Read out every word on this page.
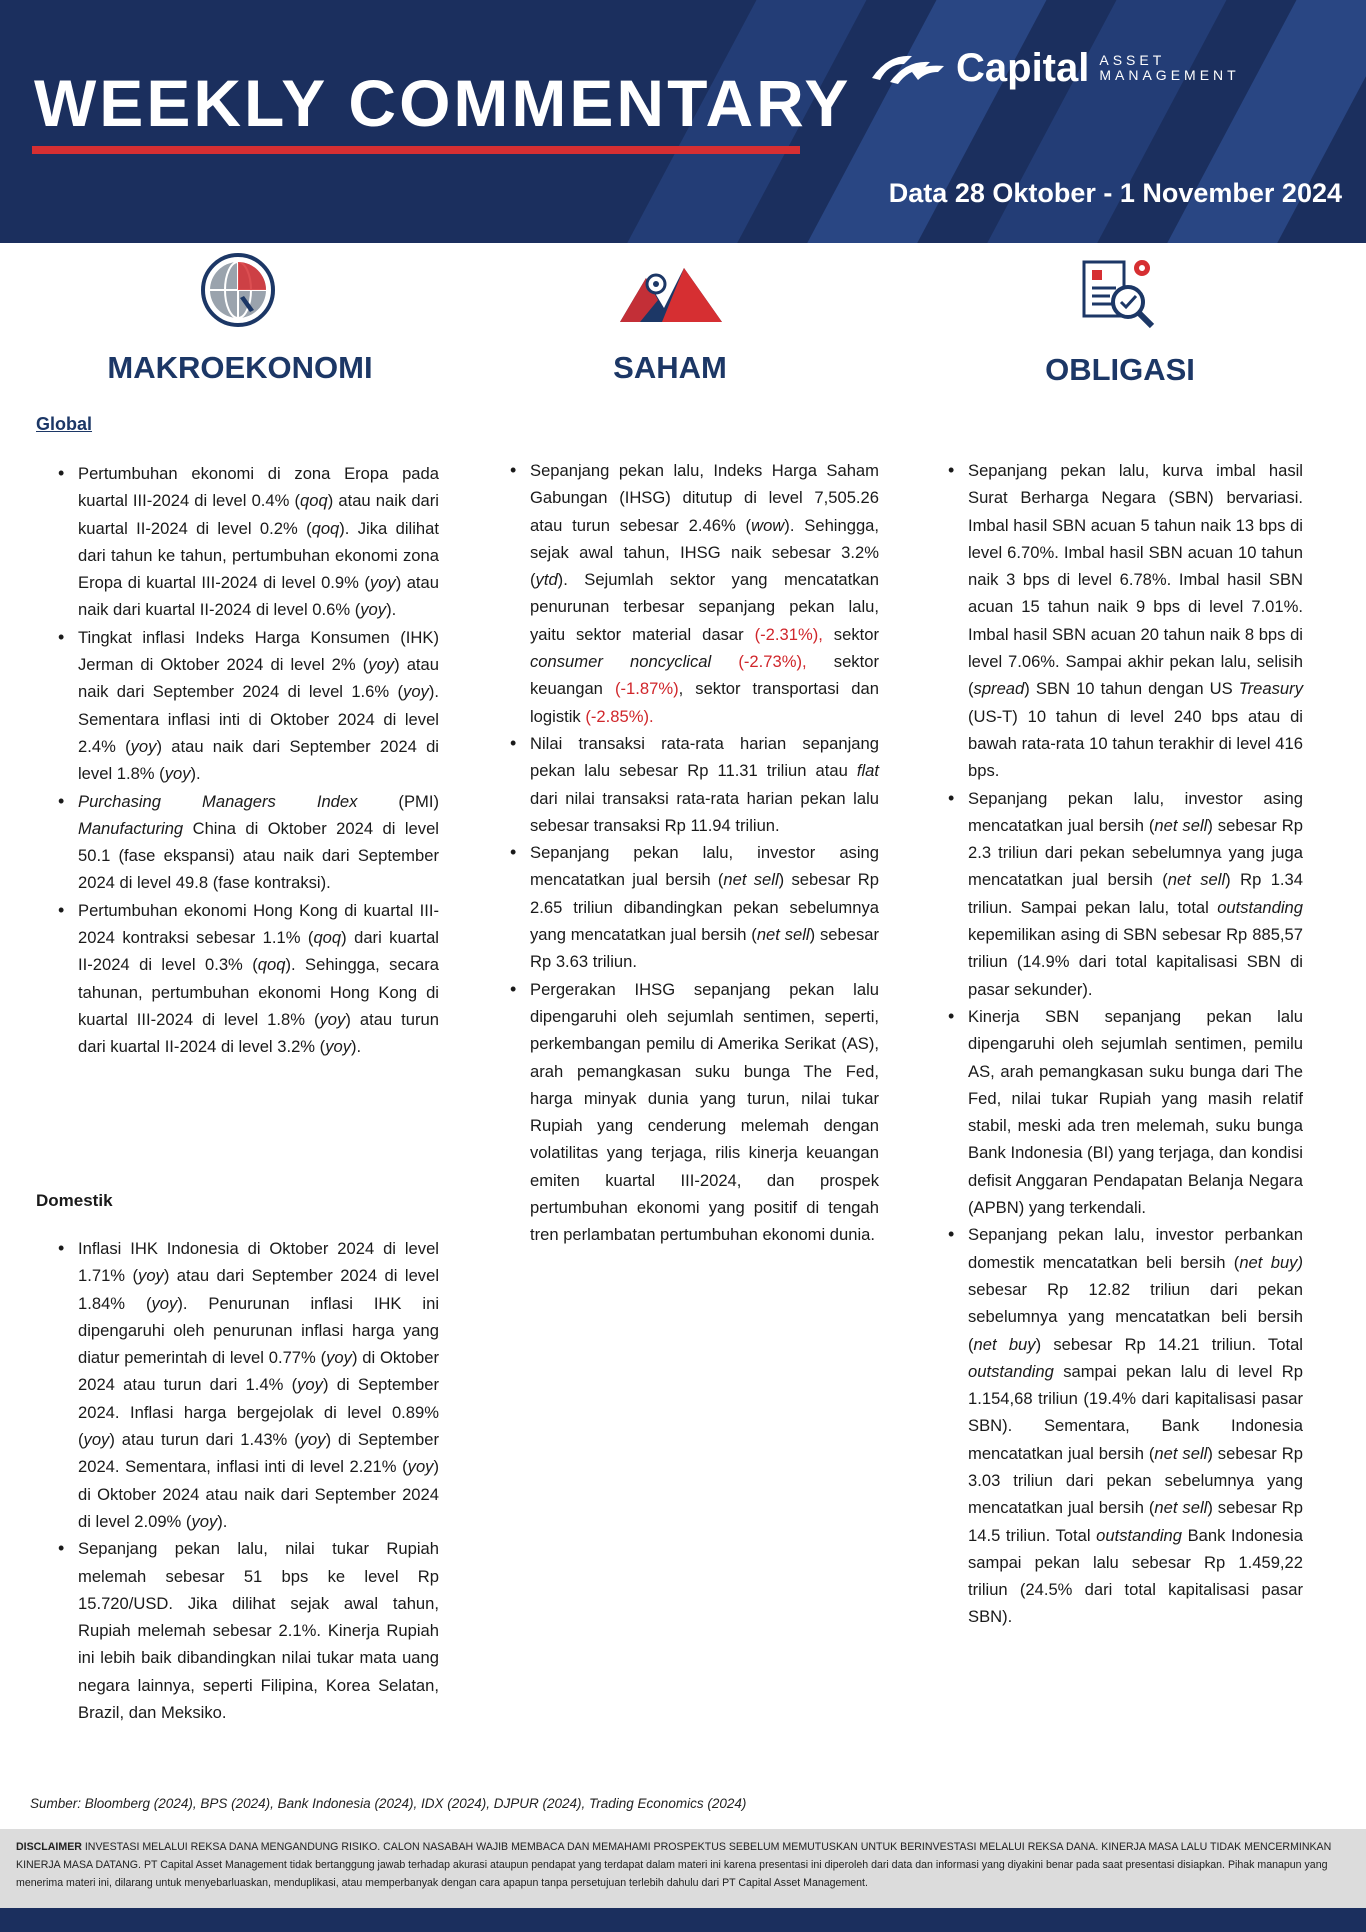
WEEKLY COMMENTARY	Capital ASSET
MANAGEMENT
Data 28 Oktober - 1 November 2024
MAKROEKONOMI	SAHAM	OBLIGASI
Global
• Pertumbuhan ekonomi di zona Eropa pada kuartal III-2024 di level 0.4% (qoq) atau naik dari kuartal II-2024 di level 0.2% (qoq). Jika dilihat dari tahun ke tahun, pertumbuhan ekonomi zona Eropa di kuartal III-2024 di level 0.9% (yoy) atau naik dari kuartal II-2024 di level 0.6% (yoy).
• Tingkat inflasi Indeks Harga Konsumen (IHK) Jerman di Oktober 2024 di level 2% (yoy) atau naik dari September 2024 di level 1.6% (yoy). Sementara inflasi inti di Oktober 2024 di level 2.4% (yoy) atau naik dari September 2024 di level 1.8% (yoy).
• Purchasing Managers Index (PMI) Manufacturing China di Oktober 2024 di level 50.1 (fase ekspansi) atau naik dari September 2024 di level 49.8 (fase kontraksi).
• Pertumbuhan ekonomi Hong Kong di kuartal III-2024 kontraksi sebesar 1.1% (qoq) dari kuartal II-2024 di level 0.3% (qoq). Sehingga, secara tahunan, pertumbuhan ekonomi Hong Kong di kuartal III-2024 di level 1.8% (yoy) atau turun dari kuartal II-2024 di level 3.2% (yoy).
Domestik
• Inflasi IHK Indonesia di Oktober 2024 di level 1.71% (yoy) atau dari September 2024 di level 1.84% (yoy). Penurunan inflasi IHK ini dipengaruhi oleh penurunan inflasi harga yang diatur pemerintah di level 0.77% (yoy) di Oktober 2024 atau turun dari 1.4% (yoy) di September 2024. Inflasi harga bergejolak di level 0.89% (yoy) atau turun dari 1.43% (yoy) di September 2024. Sementara, inflasi inti di level 2.21% (yoy) di Oktober 2024 atau naik dari September 2024 di level 2.09% (yoy).
• Sepanjang pekan lalu, nilai tukar Rupiah melemah sebesar 51 bps ke level Rp 15.720/USD. Jika dilihat sejak awal tahun, Rupiah melemah sebesar 2.1%. Kinerja Rupiah ini lebih baik dibandingkan nilai tukar mata uang negara lainnya, seperti Filipina, Korea Selatan, Brazil, dan Meksiko.
• Sepanjang pekan lalu, Indeks Harga Saham Gabungan (IHSG) ditutup di level 7,505.26 atau turun sebesar 2.46% (wow). Sehingga, sejak awal tahun, IHSG naik sebesar 3.2% (ytd). Sejumlah sektor yang mencatatkan penurunan terbesar sepanjang pekan lalu, yaitu sektor material dasar (-2.31%), sektor consumer noncyclical (-2.73%), sektor keuangan (-1.87%), sektor transportasi dan logistik (-2.85%).
• Nilai transaksi rata-rata harian sepanjang pekan lalu sebesar Rp 11.31 triliun atau flat dari nilai transaksi rata-rata harian pekan lalu sebesar transaksi Rp 11.94 triliun.
• Sepanjang pekan lalu, investor asing mencatatkan jual bersih (net sell) sebesar Rp 2.65 triliun dibandingkan pekan sebelumnya yang mencatatkan jual bersih (net sell) sebesar Rp 3.63 triliun.
• Pergerakan IHSG sepanjang pekan lalu dipengaruhi oleh sejumlah sentimen, seperti, perkembangan pemilu di Amerika Serikat (AS), arah pemangkasan suku bunga The Fed, harga minyak dunia yang turun, nilai tukar Rupiah yang cenderung melemah dengan volatilitas yang terjaga, rilis kinerja keuangan emiten kuartal III-2024, dan prospek pertumbuhan ekonomi yang positif di tengah tren perlambatan pertumbuhan ekonomi dunia.
• Sepanjang pekan lalu, kurva imbal hasil Surat Berharga Negara (SBN) bervariasi. Imbal hasil SBN acuan 5 tahun naik 13 bps di level 6.70%. Imbal hasil SBN acuan 10 tahun naik 3 bps di level 6.78%. Imbal hasil SBN acuan 15 tahun naik 9 bps di level 7.01%. Imbal hasil SBN acuan 20 tahun naik 8 bps di level 7.06%. Sampai akhir pekan lalu, selisih (spread) SBN 10 tahun dengan US Treasury (US-T) 10 tahun di level 240 bps atau di bawah rata-rata 10 tahun terakhir di level 416 bps.
• Sepanjang pekan lalu, investor asing mencatatkan jual bersih (net sell) sebesar Rp 2.3 triliun dari pekan sebelumnya yang juga mencatatkan jual bersih (net sell) Rp 1.34 triliun. Sampai pekan lalu, total outstanding kepemilikan asing di SBN sebesar Rp 885,57 triliun (14.9% dari total kapitalisasi SBN di pasar sekunder).
• Kinerja SBN sepanjang pekan lalu dipengaruhi oleh sejumlah sentimen, pemilu AS, arah pemangkasan suku bunga dari The Fed, nilai tukar Rupiah yang masih relatif stabil, meski ada tren melemah, suku bunga Bank Indonesia (BI) yang terjaga, dan kondisi defisit Anggaran Pendapatan Belanja Negara (APBN) yang terkendali.
• Sepanjang pekan lalu, investor perbankan domestik mencatatkan beli bersih (net buy) sebesar Rp 12.82 triliun dari pekan sebelumnya yang mencatatkan beli bersih (net buy) sebesar Rp 14.21 triliun. Total outstanding sampai pekan lalu di level Rp 1.154,68 triliun (19.4% dari kapitalisasi pasar SBN). Sementara, Bank Indonesia mencatatkan jual bersih (net sell) sebesar Rp 3.03 triliun dari pekan sebelumnya yang mencatatkan jual bersih (net sell) sebesar Rp 14.5 triliun. Total outstanding Bank Indonesia sampai pekan lalu sebesar Rp 1.459,22 triliun (24.5% dari total kapitalisasi pasar SBN).
Sumber: Bloomberg (2024), BPS (2024), Bank Indonesia (2024), IDX (2024), DJPUR (2024), Trading Economics (2024)
DISCLAIMER INVESTASI MELALUI REKSA DANA MENGANDUNG RISIKO. CALON NASABAH WAJIB MEMBACA DAN MEMAHAMI PROSPEKTUS SEBELUM MEMUTUSKAN UNTUK BERINVESTASI MELALUI REKSA DANA. KINERJA MASA LALU TIDAK MENCERMINKAN KINERJA MASA DATANG. PT Capital Asset Management tidak bertanggung jawab terhadap akurasi ataupun pendapat yang terdapat dalam materi ini karena presentasi ini diperoleh dari data dan informasi yang diyakini benar pada saat presentasi disiapkan. Pihak manapun yang menerima materi ini, dilarang untuk menyebarluaskan, menduplikasi, atau memperbanyak dengan cara apapun tanpa persetujuan terlebih dahulu dari PT Capital Asset Management.
